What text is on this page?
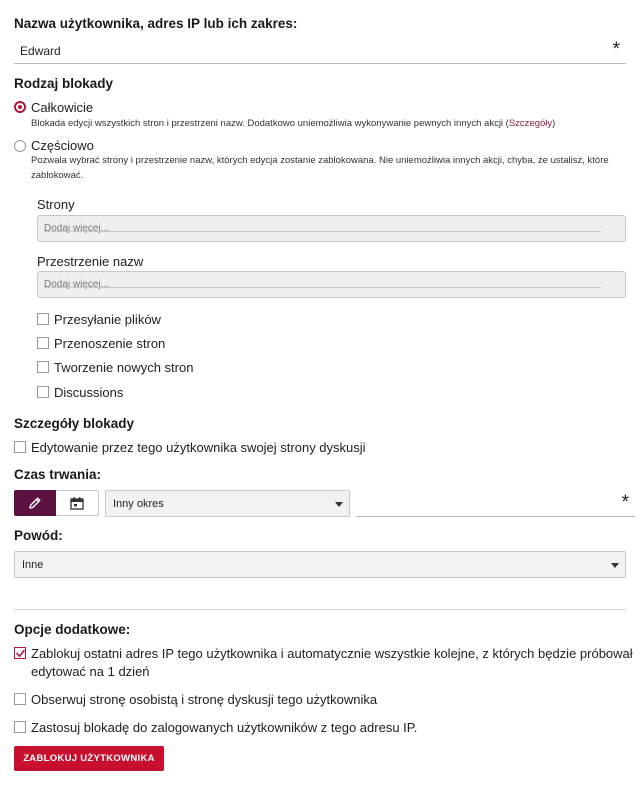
Nazwa użytkownika, adres IP lub ich zakres:
Edward	*
Rodzaj blokady
Całkowicie
Blokada edycji wszystkich stron i przestrzeni nazw. Dodatkowo uniemożliwia wykonywanie pewnych innych akcji (Szczegóły)
Częściowo
Pozwala wybrać strony i przestrzenie nazw, których edycja zostanie zablokowana. Nie uniemożliwia innych akcji, chyba, że ustalisz, które
zablokować.
Strony
Dodaj więcej...
Przestrzenie nazw
Dodaj więcej...
Przesyłanie plików
Przenoszenie stron
Tworzenie nowych stron
Discussions
Szczegóły blokady
Edytowanie przez tego użytkownika swojej strony dyskusji
Czas trwania:
Inny okres	*
Powód:
Inne
Opcje dodatkowe:
Zablokuj ostatni adres IP tego użytkownika i automatycznie wszystkie kolejne, z których będzie próbował
edytować na 1 dzień
Obserwuj stronę osobistą i stronę dyskusji tego użytkownika
Zastosuj blokadę do zalogowanych użytkowników z tego adresu IP.
ZABLOKUJ UŻYTKOWNIKA
